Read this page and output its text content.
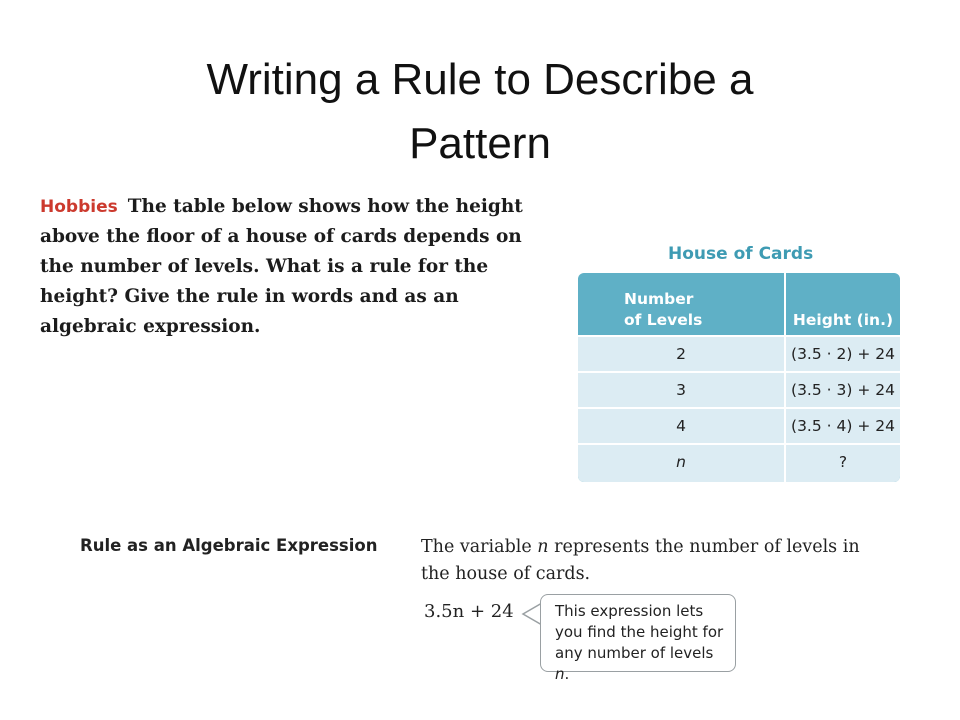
Writing a Rule to Describe a
Pattern
Hobbies The table below shows how the height above the floor of a house of cards depends on the number of levels. What is a rule for the height? Give the rule in words and as an algebraic expression.
House of Cards
Number
of Levels	Height (in.)
2	(3.5 · 2) + 24
3	(3.5 · 3) + 24
4	(3.5 · 4) + 24
n	?
Rule as an Algebraic Expression The variable n represents the number of levels in the house of cards.
3.5n + 24	This expression lets you find the height for any number of levels n.
